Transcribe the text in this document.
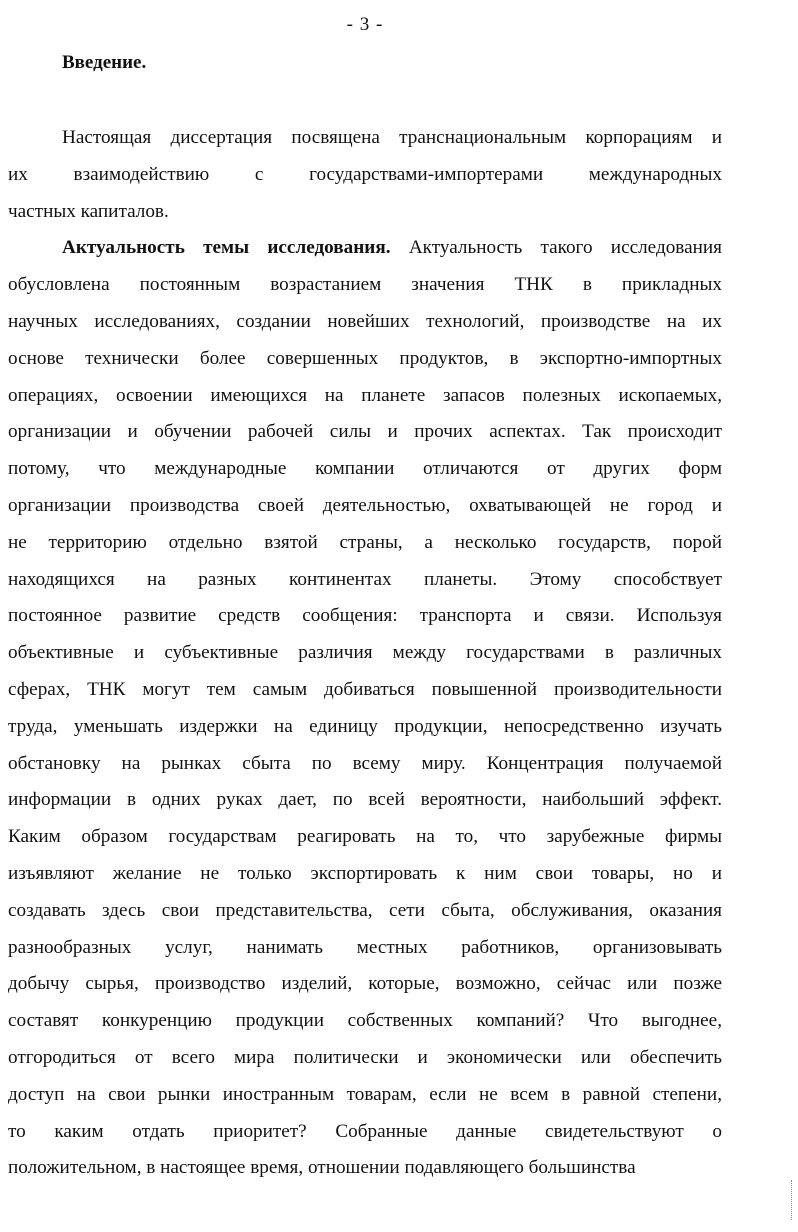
- 3 -
Введение.
Настоящая диссертация посвящена транснациональным корпорациям и
их взаимодействию с государствами-импортерами международных
частных капиталов.
Актуальность темы исследования. Актуальность такого исследования
обусловлена постоянным возрастанием значения ТНК в прикладных
научных исследованиях, создании новейших технологий, производстве на их
основе технически более совершенных продуктов, в экспортно-импортных
операциях, освоении имеющихся на планете запасов полезных ископаемых,
организации и обучении рабочей силы и прочих аспектах. Так происходит
потому, что международные компании отличаются от других форм
организации производства своей деятельностью, охватывающей не город и
не территорию отдельно взятой страны, а несколько государств, порой
находящихся на разных континентах планеты. Этому способствует
постоянное развитие средств сообщения: транспорта и связи. Используя
объективные и субъективные различия между государствами в различных
сферах, ТНК могут тем самым добиваться повышенной производительности
труда, уменьшать издержки на единицу продукции, непосредственно изучать
обстановку на рынках сбыта по всему миру. Концентрация получаемой
информации в одних руках дает, по всей вероятности, наибольший эффект.
Каким образом государствам реагировать на то, что зарубежные фирмы
изъявляют желание не только экспортировать к ним свои товары, но и
создавать здесь свои представительства, сети сбыта, обслуживания, оказания
разнообразных услуг, нанимать местных работников, организовывать
добычу сырья, производство изделий, которые, возможно, сейчас или позже
составят конкуренцию продукции собственных компаний? Что выгоднее,
отгородиться от всего мира политически и экономически или обеспечить
доступ на свои рынки иностранным товарам, если не всем в равной степени,
то каким отдать приоритет? Собранные данные свидетельствуют о
положительном, в настоящее время, отношении подавляющего большинства
